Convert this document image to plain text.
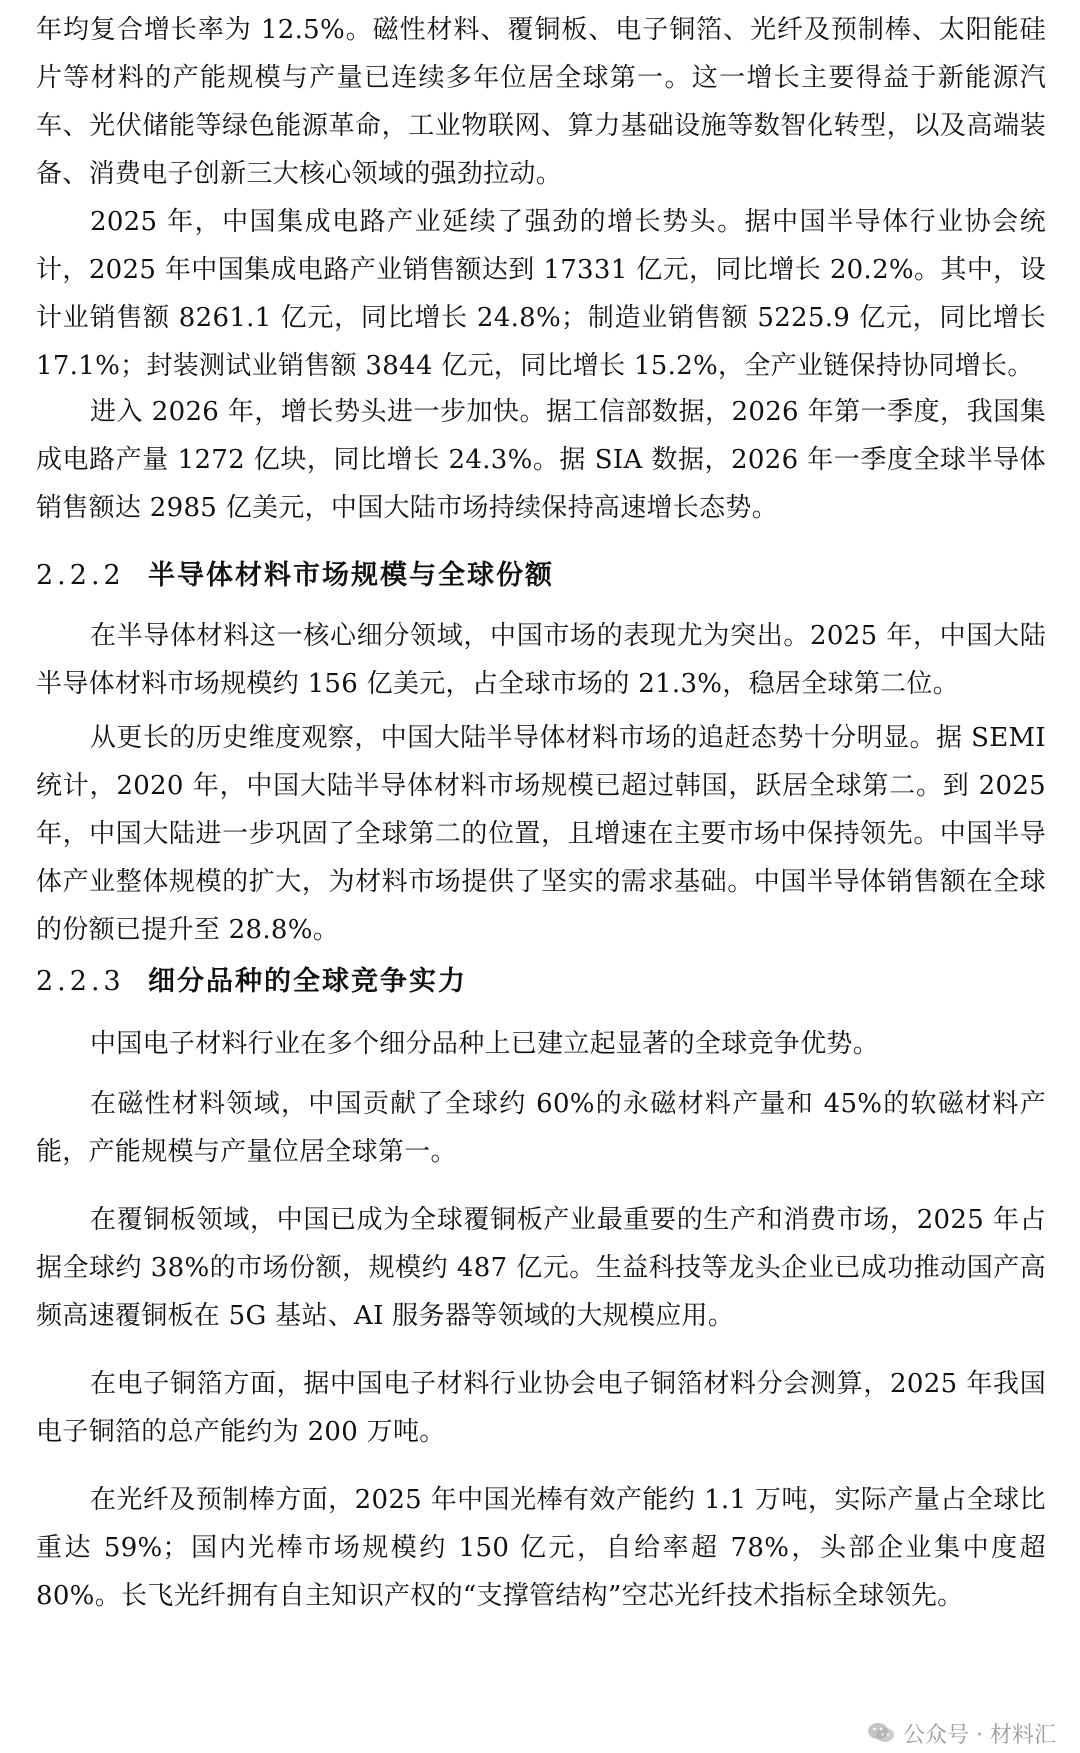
年均复合增长率为 12.5%。磁性材料、覆铜板、电子铜箔、光纤及预制棒、太阳能硅片等材料的产能规模与产量已连续多年位居全球第一。这一增长主要得益于新能源汽车、光伏储能等绿色能源革命，工业物联网、算力基础设施等数智化转型，以及高端装备、消费电子创新三大核心领域的强劲拉动。

2025 年，中国集成电路产业延续了强劲的增长势头。据中国半导体行业协会统计，2025 年中国集成电路产业销售额达到 17331 亿元，同比增长 20.2%。其中，设计业销售额 8261.1 亿元，同比增长 24.8%；制造业销售额 5225.9 亿元，同比增长 17.1%；封装测试业销售额 3844 亿元，同比增长 15.2%，全产业链保持协同增长。

进入 2026 年，增长势头进一步加快。据工信部数据，2026 年第一季度，我国集成电路产量 1272 亿块，同比增长 24.3%。据 SIA 数据，2026 年一季度全球半导体销售额达 2985 亿美元，中国大陆市场持续保持高速增长态势。

2.2.2 半导体材料市场规模与全球份额

在半导体材料这一核心细分领域，中国市场的表现尤为突出。2025 年，中国大陆半导体材料市场规模约 156 亿美元，占全球市场的 21.3%，稳居全球第二位。

从更长的历史维度观察，中国大陆半导体材料市场的追赶态势十分明显。据 SEMI 统计，2020 年，中国大陆半导体材料市场规模已超过韩国，跃居全球第二。到 2025 年，中国大陆进一步巩固了全球第二的位置，且增速在主要市场中保持领先。中国半导体产业整体规模的扩大，为材料市场提供了坚实的需求基础。中国半导体销售额在全球的份额已提升至 28.8%。

2.2.3 细分品种的全球竞争实力

中国电子材料行业在多个细分品种上已建立起显著的全球竞争优势。

在磁性材料领域，中国贡献了全球约 60%的永磁材料产量和 45%的软磁材料产能，产能规模与产量位居全球第一。

在覆铜板领域，中国已成为全球覆铜板产业最重要的生产和消费市场，2025 年占据全球约 38%的市场份额，规模约 487 亿元。生益科技等龙头企业已成功推动国产高频高速覆铜板在 5G 基站、AI 服务器等领域的大规模应用。

在电子铜箔方面，据中国电子材料行业协会电子铜箔材料分会测算，2025 年我国电子铜箔的总产能约为 200 万吨。

在光纤及预制棒方面，2025 年中国光棒有效产能约 1.1 万吨，实际产量占全球比重达 59%；国内光棒市场规模约 150 亿元，自给率超 78%，头部企业集中度超 80%。长飞光纤拥有自主知识产权的“支撑管结构”空芯光纤技术指标全球领先。

公众号 · 材料汇
